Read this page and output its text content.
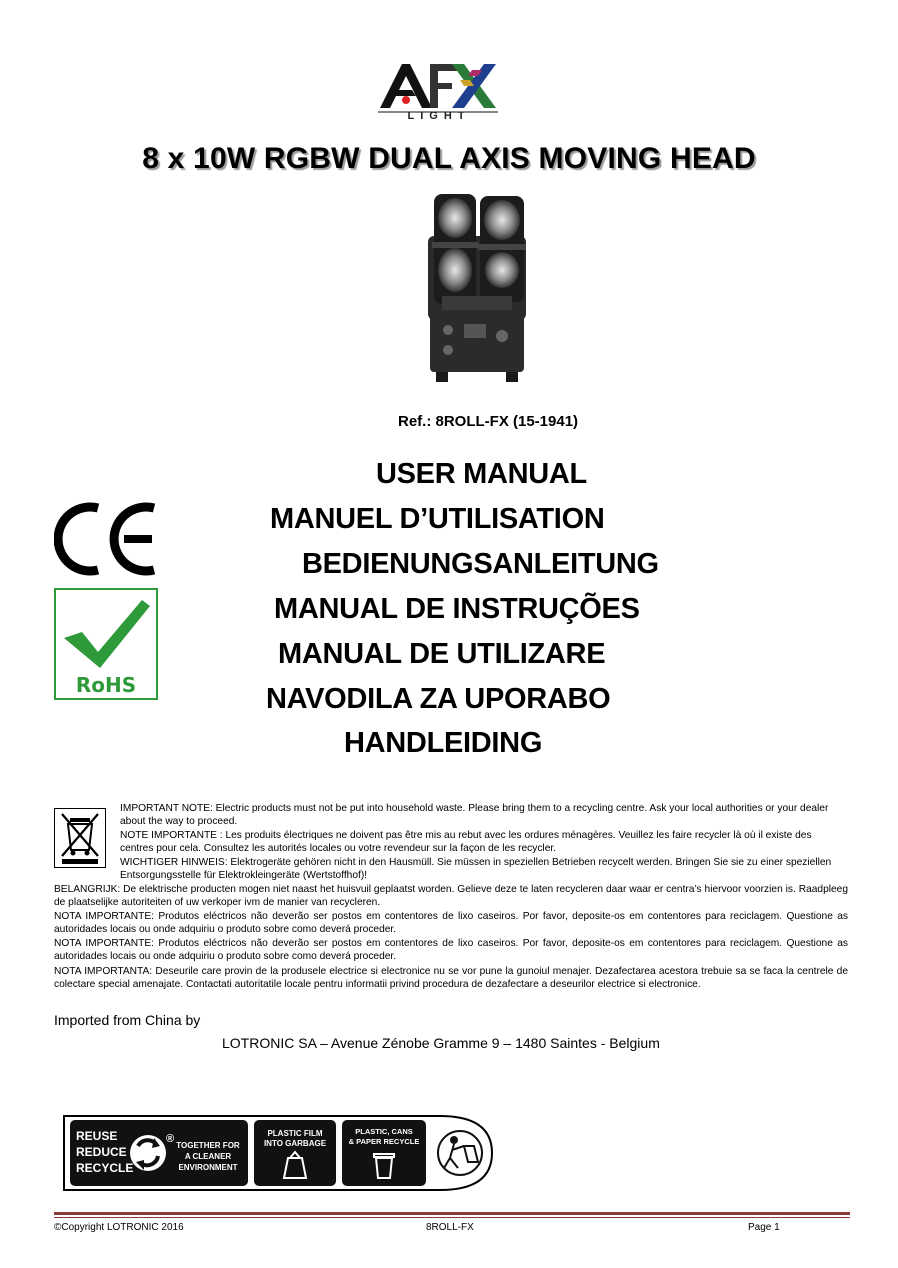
LIGHT
8 x 10W RGBW DUAL AXIS MOVING HEAD
Ref.: 8ROLL-FX (15-1941)
USER MANUAL
MANUEL D’UTILISATION
BEDIENUNGSANLEITUNG
MANUAL DE INSTRUÇÕES
MANUAL DE UTILIZARE
NAVODILA ZA UPORABO
HANDLEIDING
RoHS
IMPORTANT NOTE: Electric products must not be put into household waste. Please bring them to a recycling centre. Ask your local authorities or your dealer about the way to proceed.
NOTE IMPORTANTE : Les produits électriques ne doivent pas être mis au rebut avec les ordures ménagères. Veuillez les faire recycler là où il existe des centres pour cela. Consultez les autorités locales ou votre revendeur sur la façon de les recycler.
WICHTIGER HINWEIS: Elektrogeräte gehören nicht in den Hausmüll. Sie müssen in speziellen Betrieben recycelt werden. Bringen Sie sie zu einer speziellen Entsorgungsstelle für Elektrokleingeräte (Wertstoffhof)!
BELANGRIJK: De elektrische producten mogen niet naast het huisvuil geplaatst worden. Gelieve deze te laten recycleren daar waar er centra’s hiervoor voorzien is. Raadpleeg de plaatselijke autoriteiten of uw verkoper ivm de manier van recycleren.
NOTA IMPORTANTE: Produtos eléctricos não deverão ser postos em contentores de lixo caseiros. Por favor, deposite-os em contentores para reciclagem. Questione as autoridades locais ou onde adquiriu o produto sobre como deverá proceder.
NOTA IMPORTANTE: Produtos eléctricos não deverão ser postos em contentores de lixo caseiros. Por favor, deposite-os em contentores para reciclagem. Questione as autoridades locais ou onde adquiriu o produto sobre como deverá proceder.
NOTA IMPORTANTA: Deseurile care provin de la produsele electrice si electronice nu se vor pune la gunoiul menajer. Dezafectarea acestora trebuie sa se faca la centrele de colectare special amenajate. Contactati autoritatile locale pentru informatii privind procedura de dezafectare a deseurilor electrice si electronice.
Imported from China by
LOTRONIC SA – Avenue Zénobe Gramme 9 – 1480 Saintes - Belgium
REUSE
REDUCE
RECYCLE
®
TOGETHER FOR
A CLEANER
ENVIRONMENT
PLASTIC FILM
INTO GARBAGE
PLASTIC, CANS
& PAPER RECYCLE
©Copyright LOTRONIC 2016	8ROLL-FX	Page 1
